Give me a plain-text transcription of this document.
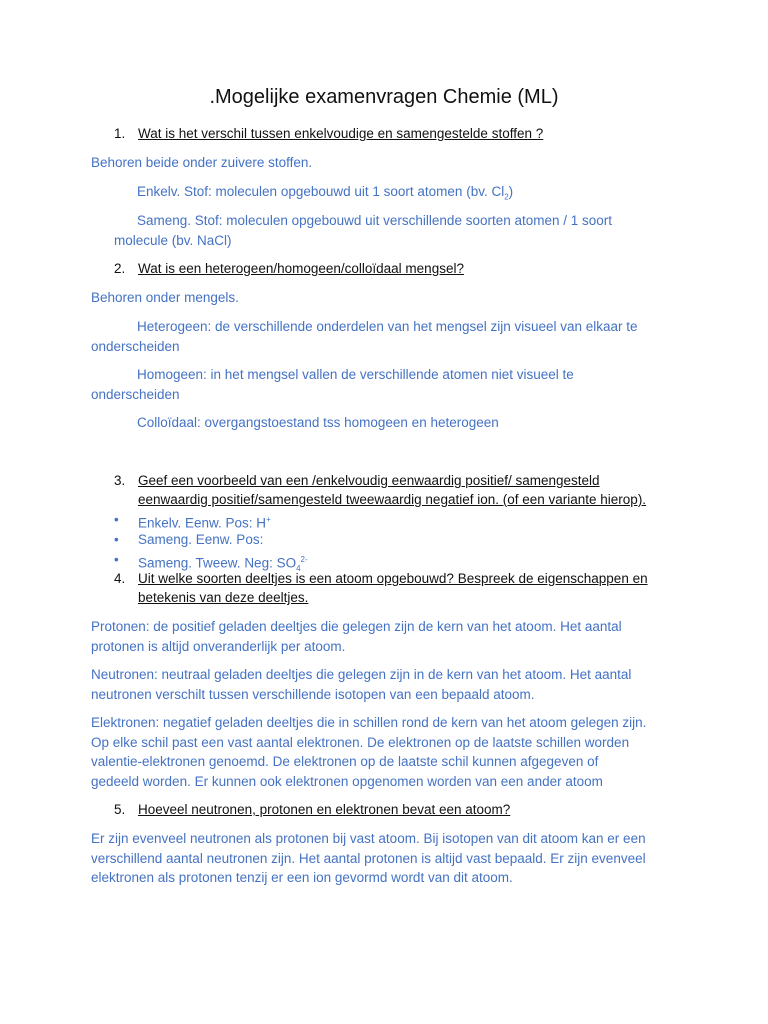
.Mogelijke examenvragen Chemie (ML)
1. Wat is het verschil tussen enkelvoudige en samengestelde stoffen ?
Behoren beide onder zuivere stoffen.
Enkelv. Stof: moleculen opgebouwd uit 1 soort atomen (bv. $Cl_2$)
Sameng. Stof: moleculen opgebouwd uit verschillende soorten atomen / 1 soort
molecule (bv. NaCl)
2. Wat is een heterogeen/homogeen/colloïdaal mengsel?
Behoren onder mengels.
Heterogeen: de verschillende onderdelen van het mengsel zijn visueel van elkaar te
onderscheiden
Homogeen: in het mengsel vallen de verschillende atomen niet visueel te
onderscheiden
Colloïdaal: overgangstoestand tss homogeen en heterogeen
3. Geef een voorbeeld van een /enkelvoudig eenwaardig positief/ samengesteld
eenwaardig positief/samengesteld tweewaardig negatief ion. (of een variante hierop).
• Enkelv. Eenw. Pos: H+
• Sameng. Eenw. Pos:
• Sameng. Tweew. Neg: $SO_4^{2-}$
4. Uit welke soorten deeltjes is een atoom opgebouwd? Bespreek de eigenschappen en
betekenis van deze deeltjes.
Protonen: de positief geladen deeltjes die gelegen zijn de kern van het atoom. Het aantal
protonen is altijd onveranderlijk per atoom.
Neutronen: neutraal geladen deeltjes die gelegen zijn in de kern van het atoom. Het aantal
neutronen verschilt tussen verschillende isotopen van een bepaald atoom.
Elektronen: negatief geladen deeltjes die in schillen rond de kern van het atoom gelegen zijn.
Op elke schil past een vast aantal elektronen. De elektronen op de laatste schillen worden
valentie-elektronen genoemd. De elektronen op de laatste schil kunnen afgegeven of
gedeeld worden. Er kunnen ook elektronen opgenomen worden van een ander atoom
5. Hoeveel neutronen, protonen en elektronen bevat een atoom?
Er zijn evenveel neutronen als protonen bij vast atoom. Bij isotopen van dit atoom kan er een
verschillend aantal neutronen zijn. Het aantal protonen is altijd vast bepaald. Er zijn evenveel
elektronen als protonen tenzij er een ion gevormd wordt van dit atoom.
